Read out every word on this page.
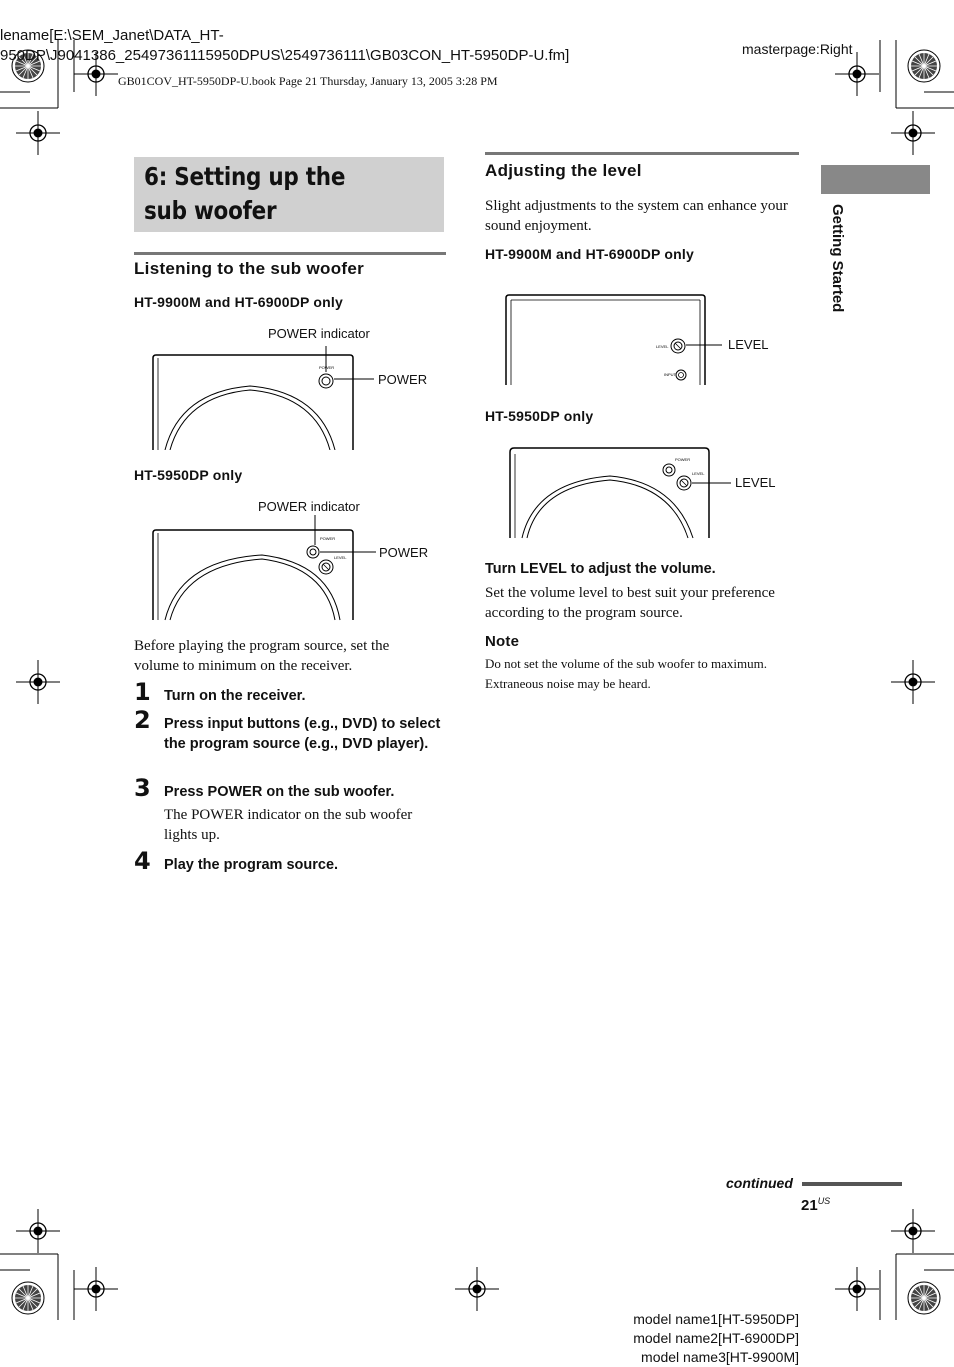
lename[E:\SEM_Janet\DATA_HT-
950DP\J9041386_25497361115950DPUS\2549736111\GB03CON_HT-5950DP-U.fm]	masterpage:Right
GB01COV_HT-5950DP-U.book Page 21 Thursday, January 13, 2005 3:28 PM
6: Setting up the sub woofer	Getting Started
Listening to the sub woofer
HT-9900M and HT-6900DP only
POWER
POWER indicator
POWER
HT-5950DP only
POWER
LEVEL
POWER indicator
POWER
Before playing the program source, set the volume to minimum on the receiver.
1 Turn on the receiver.
2 Press input buttons (e.g., DVD) to select the program source (e.g., DVD player).
3 Press POWER on the sub woofer.
The POWER indicator on the sub woofer lights up.
4 Play the program source.
Adjusting the level
Slight adjustments to the system can enhance your sound enjoyment.
HT-9900M and HT-6900DP only
LEVEL
INPUT
LEVEL
HT-5950DP only
POWER
LEVEL
LEVEL
Turn LEVEL to adjust the volume.
Set the volume level to best suit your preference according to the program source.
Note
Do not set the volume of the sub woofer to maximum. Extraneous noise may be heard.
continued
$21^{US}$
model name1[HT-5950DP]
model name2[HT-6900DP]
model name3[HT-9900M]
